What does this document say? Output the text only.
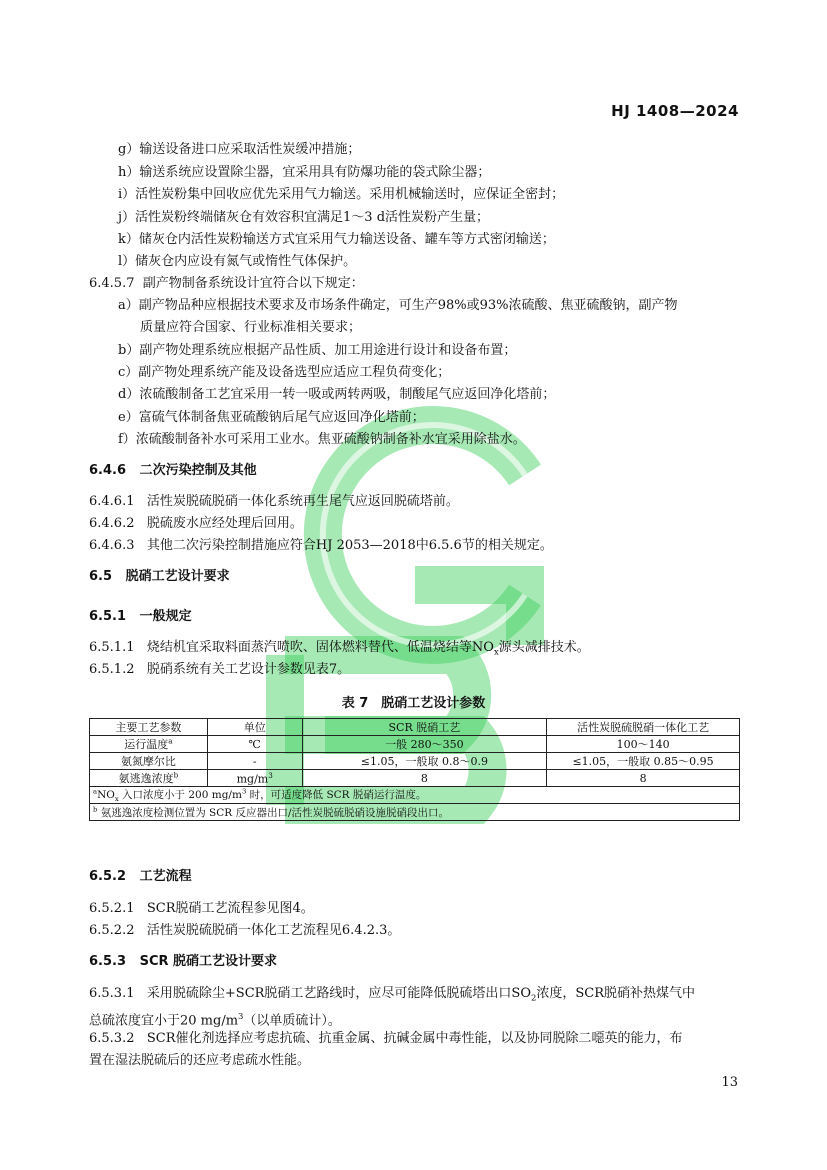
HJ 1408—2024
g）输送设备进口应采取活性炭缓冲措施；
h）输送系统应设置除尘器，宜采用具有防爆功能的袋式除尘器；
i）活性炭粉集中回收应优先采用气力输送。采用机械输送时，应保证全密封；
j）活性炭粉终端储灰仓有效容积宜满足1～3 d活性炭粉产生量；
k）储灰仓内活性炭粉输送方式宜采用气力输送设备、罐车等方式密闭输送；
l）储灰仓内应设有氮气或惰性气体保护。
6.4.5.7 副产物制备系统设计宜符合以下规定：
a）副产物品种应根据技术要求及市场条件确定，可生产98%或93%浓硫酸、焦亚硫酸钠，副产物
质量应符合国家、行业标准相关要求；
b）副产物处理系统应根据产品性质、加工用途进行设计和设备布置；
c）副产物处理系统产能及设备选型应适应工程负荷变化；
d）浓硫酸制备工艺宜采用一转一吸或两转两吸，制酸尾气应返回净化塔前；
e）富硫气体制备焦亚硫酸钠后尾气应返回净化塔前；
f）浓硫酸制备补水可采用工业水。焦亚硫酸钠制备补水宜采用除盐水。
6.4.6 二次污染控制及其他
6.4.6.1 活性炭脱硫脱硝一体化系统再生尾气应返回脱硫塔前。
6.4.6.2 脱硫废水应经处理后回用。
6.4.6.3 其他二次污染控制措施应符合HJ 2053—2018中6.5.6节的相关规定。
6.5 脱硝工艺设计要求
6.5.1 一般规定
6.5.1.1 烧结机宜采取料面蒸汽喷吹、固体燃料替代、低温烧结等$NO_x$源头减排技术。
6.5.1.2 脱硝系统有关工艺设计参数见表7。
表 7　脱硝工艺设计参数
主要工艺参数	单位	SCR 脱硝工艺	活性炭脱硫脱硝一体化工艺
运行温度$^a$	℃	一般 280～350	100～140
氨氮摩尔比	-	≤1.05，一般取 0.8～0.9	≤1.05，一般取 0.85～0.95
氨逃逸浓度$^b$	$mg/m^3$	8	8
$^aNO_x$ 入口浓度小于 200 $mg/m^3$ 时，可适度降低 SCR 脱硝运行温度。			
$^b$ 氨逃逸浓度检测位置为 SCR 反应器出口/活性炭脱硫脱硝设施脱硝段出口。			
6.5.2 工艺流程
6.5.2.1 SCR脱硝工艺流程参见图4。
6.5.2.2 活性炭脱硫脱硝一体化工艺流程见6.4.2.3。
6.5.3 SCR 脱硝工艺设计要求
6.5.3.1 采用脱硫除尘+SCR脱硝工艺路线时，应尽可能降低脱硫塔出口$SO_2$浓度，SCR脱硝补热煤气中
总硫浓度宜小于20 $mg/m^3$（以单质硫计）。
6.5.3.2 SCR催化剂选择应考虑抗硫、抗重金属、抗碱金属中毒性能，以及协同脱除二噁英的能力，布
置在湿法脱硫后的还应考虑疏水性能。
13
